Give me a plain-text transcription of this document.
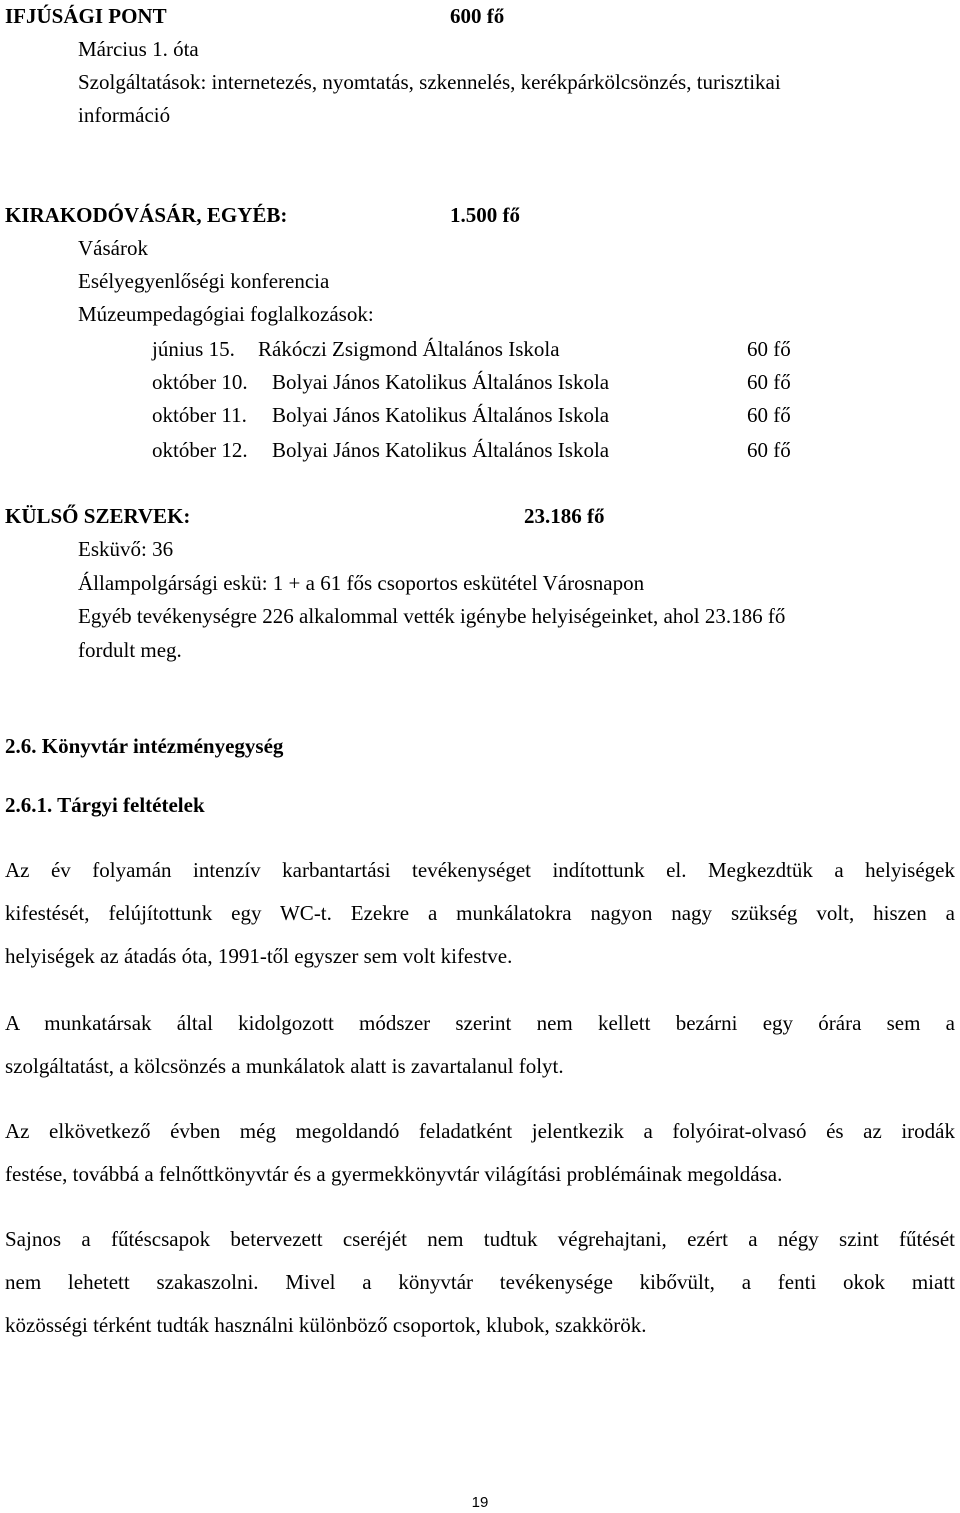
IFJÚSÁGI PONT	600 fő
Március 1. óta
Szolgáltatások: internetezés, nyomtatás, szkennelés, kerékpárkölcsönzés, turisztikai
információ
KIRAKODÓVÁSÁR, EGYÉB:	1.500 fő
Vásárok
Esélyegyenlőségi konferencia
Múzeumpedagógiai foglalkozások:
június 15. Rákóczi Zsigmond Általános Iskola	60 fő
október 10. Bolyai János Katolikus Általános Iskola	60 fő
október 11. Bolyai János Katolikus Általános Iskola	60 fő
október 12. Bolyai János Katolikus Általános Iskola	60 fő
KÜLSŐ SZERVEK:	23.186 fő
Esküvő: 36
Állampolgársági eskü: 1 + a 61 fős csoportos eskütétel Városnapon
Egyéb tevékenységre 226 alkalommal vették igénybe helyiségeinket, ahol 23.186 fő
fordult meg.
2.6. Könyvtár intézményegység
2.6.1. Tárgyi feltételek
Az év folyamán intenzív karbantartási tevékenységet indítottunk el. Megkezdtük a helyiségek
kifestését, felújítottunk egy WC-t. Ezekre a munkálatokra nagyon nagy szükség volt, hiszen a
helyiségek az átadás óta, 1991-től egyszer sem volt kifestve.
A munkatársak által kidolgozott módszer szerint nem kellett bezárni egy órára sem a
szolgáltatást, a kölcsönzés a munkálatok alatt is zavartalanul folyt.
Az elkövetkező évben még megoldandó feladatként jelentkezik a folyóirat-olvasó és az irodák
festése, továbbá a felnőttkönyvtár és a gyermekkönyvtár világítási problémáinak megoldása.
Sajnos a fűtéscsapok betervezett cseréjét nem tudtuk végrehajtani, ezért a négy szint fűtését
nem lehetett szakaszolni. Mivel a könyvtár tevékenysége kibővült, a fenti okok miatt
közösségi térként tudták használni különböző csoportok, klubok, szakkörök.
19
